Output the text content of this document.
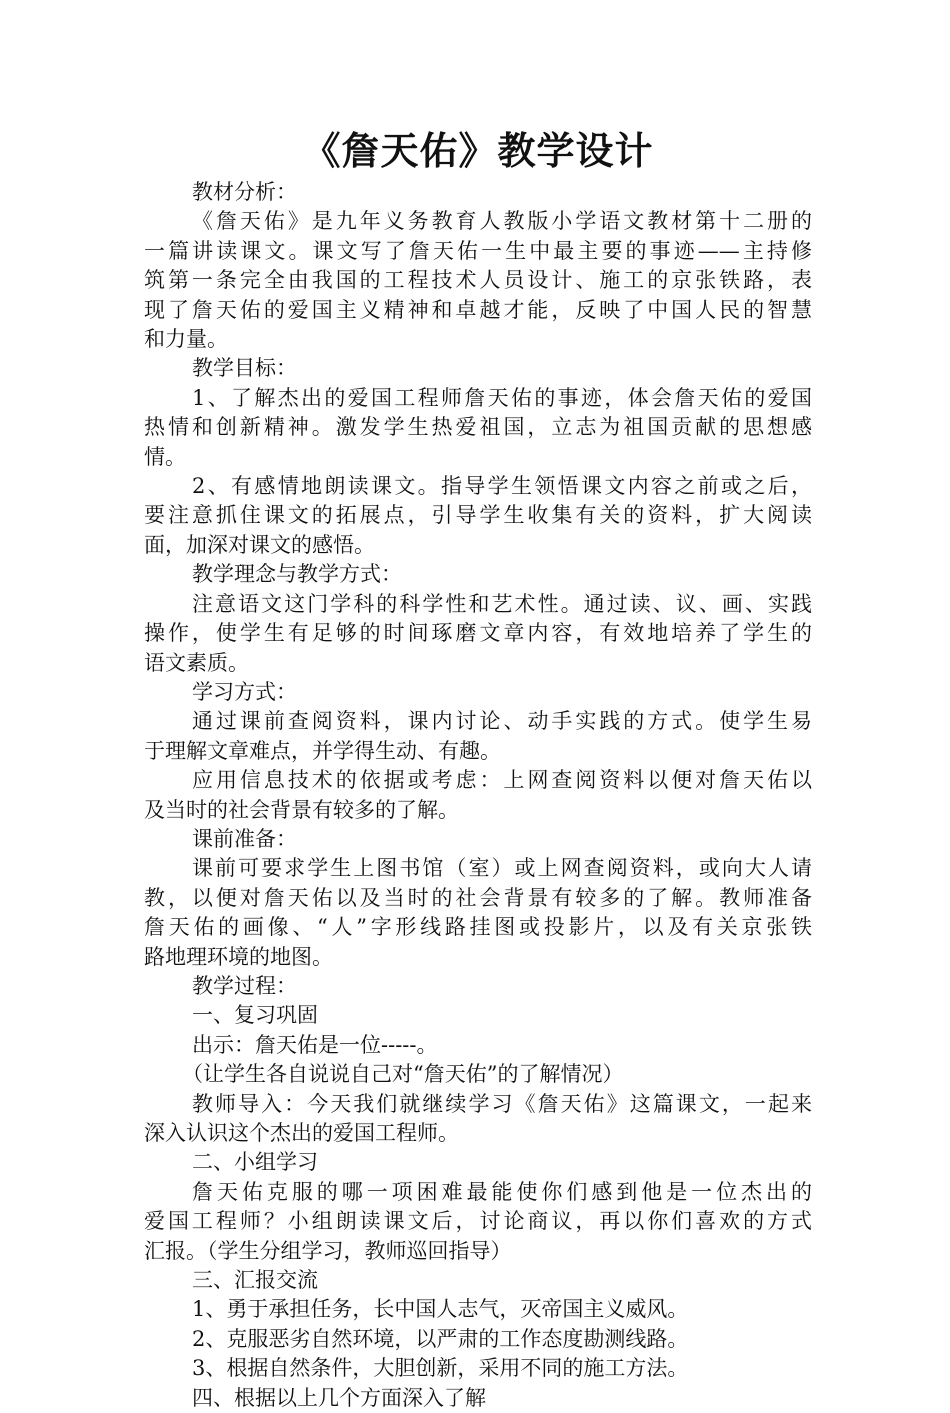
《詹天佑》教学设计
教材分析：
《詹天佑》是九年义务教育人教版小学语文教材第十二册的
一篇讲读课文。课文写了詹天佑一生中最主要的事迹——主持修
筑第一条完全由我国的工程技术人员设计、施工的京张铁路，表
现了詹天佑的爱国主义精神和卓越才能，反映了中国人民的智慧
和力量。
教学目标：
1、了解杰出的爱国工程师詹天佑的事迹，体会詹天佑的爱国
热情和创新精神。激发学生热爱祖国，立志为祖国贡献的思想感
情。
2、有感情地朗读课文。指导学生领悟课文内容之前或之后，
要注意抓住课文的拓展点，引导学生收集有关的资料，扩大阅读
面，加深对课文的感悟。
教学理念与教学方式：
注意语文这门学科的科学性和艺术性。通过读、议、画、实践
操作，使学生有足够的时间琢磨文章内容，有效地培养了学生的
语文素质。
学习方式：
通过课前查阅资料，课内讨论、动手实践的方式。使学生易
于理解文章难点，并学得生动、有趣。
应用信息技术的依据或考虑：上网查阅资料以便对詹天佑以
及当时的社会背景有较多的了解。
课前准备：
课前可要求学生上图书馆（室）或上网查阅资料，或向大人请
教，以便对詹天佑以及当时的社会背景有较多的了解。教师准备
詹天佑的画像、“人”字形线路挂图或投影片，以及有关京张铁
路地理环境的地图。
教学过程：
一、复习巩固
出示：詹天佑是一位-----。
（让学生各自说说自己对“詹天佑”的了解情况）
教师导入：今天我们就继续学习《詹天佑》这篇课文，一起来
深入认识这个杰出的爱国工程师。
二、小组学习
詹天佑克服的哪一项困难最能使你们感到他是一位杰出的
爱国工程师？小组朗读课文后，讨论商议，再以你们喜欢的方式
汇报。（学生分组学习，教师巡回指导）
三、汇报交流
1、勇于承担任务，长中国人志气，灭帝国主义威风。
2、克服恶劣自然环境，以严肃的工作态度勘测线路。
3、根据自然条件，大胆创新，采用不同的施工方法。
四、根据以上几个方面深入了解
